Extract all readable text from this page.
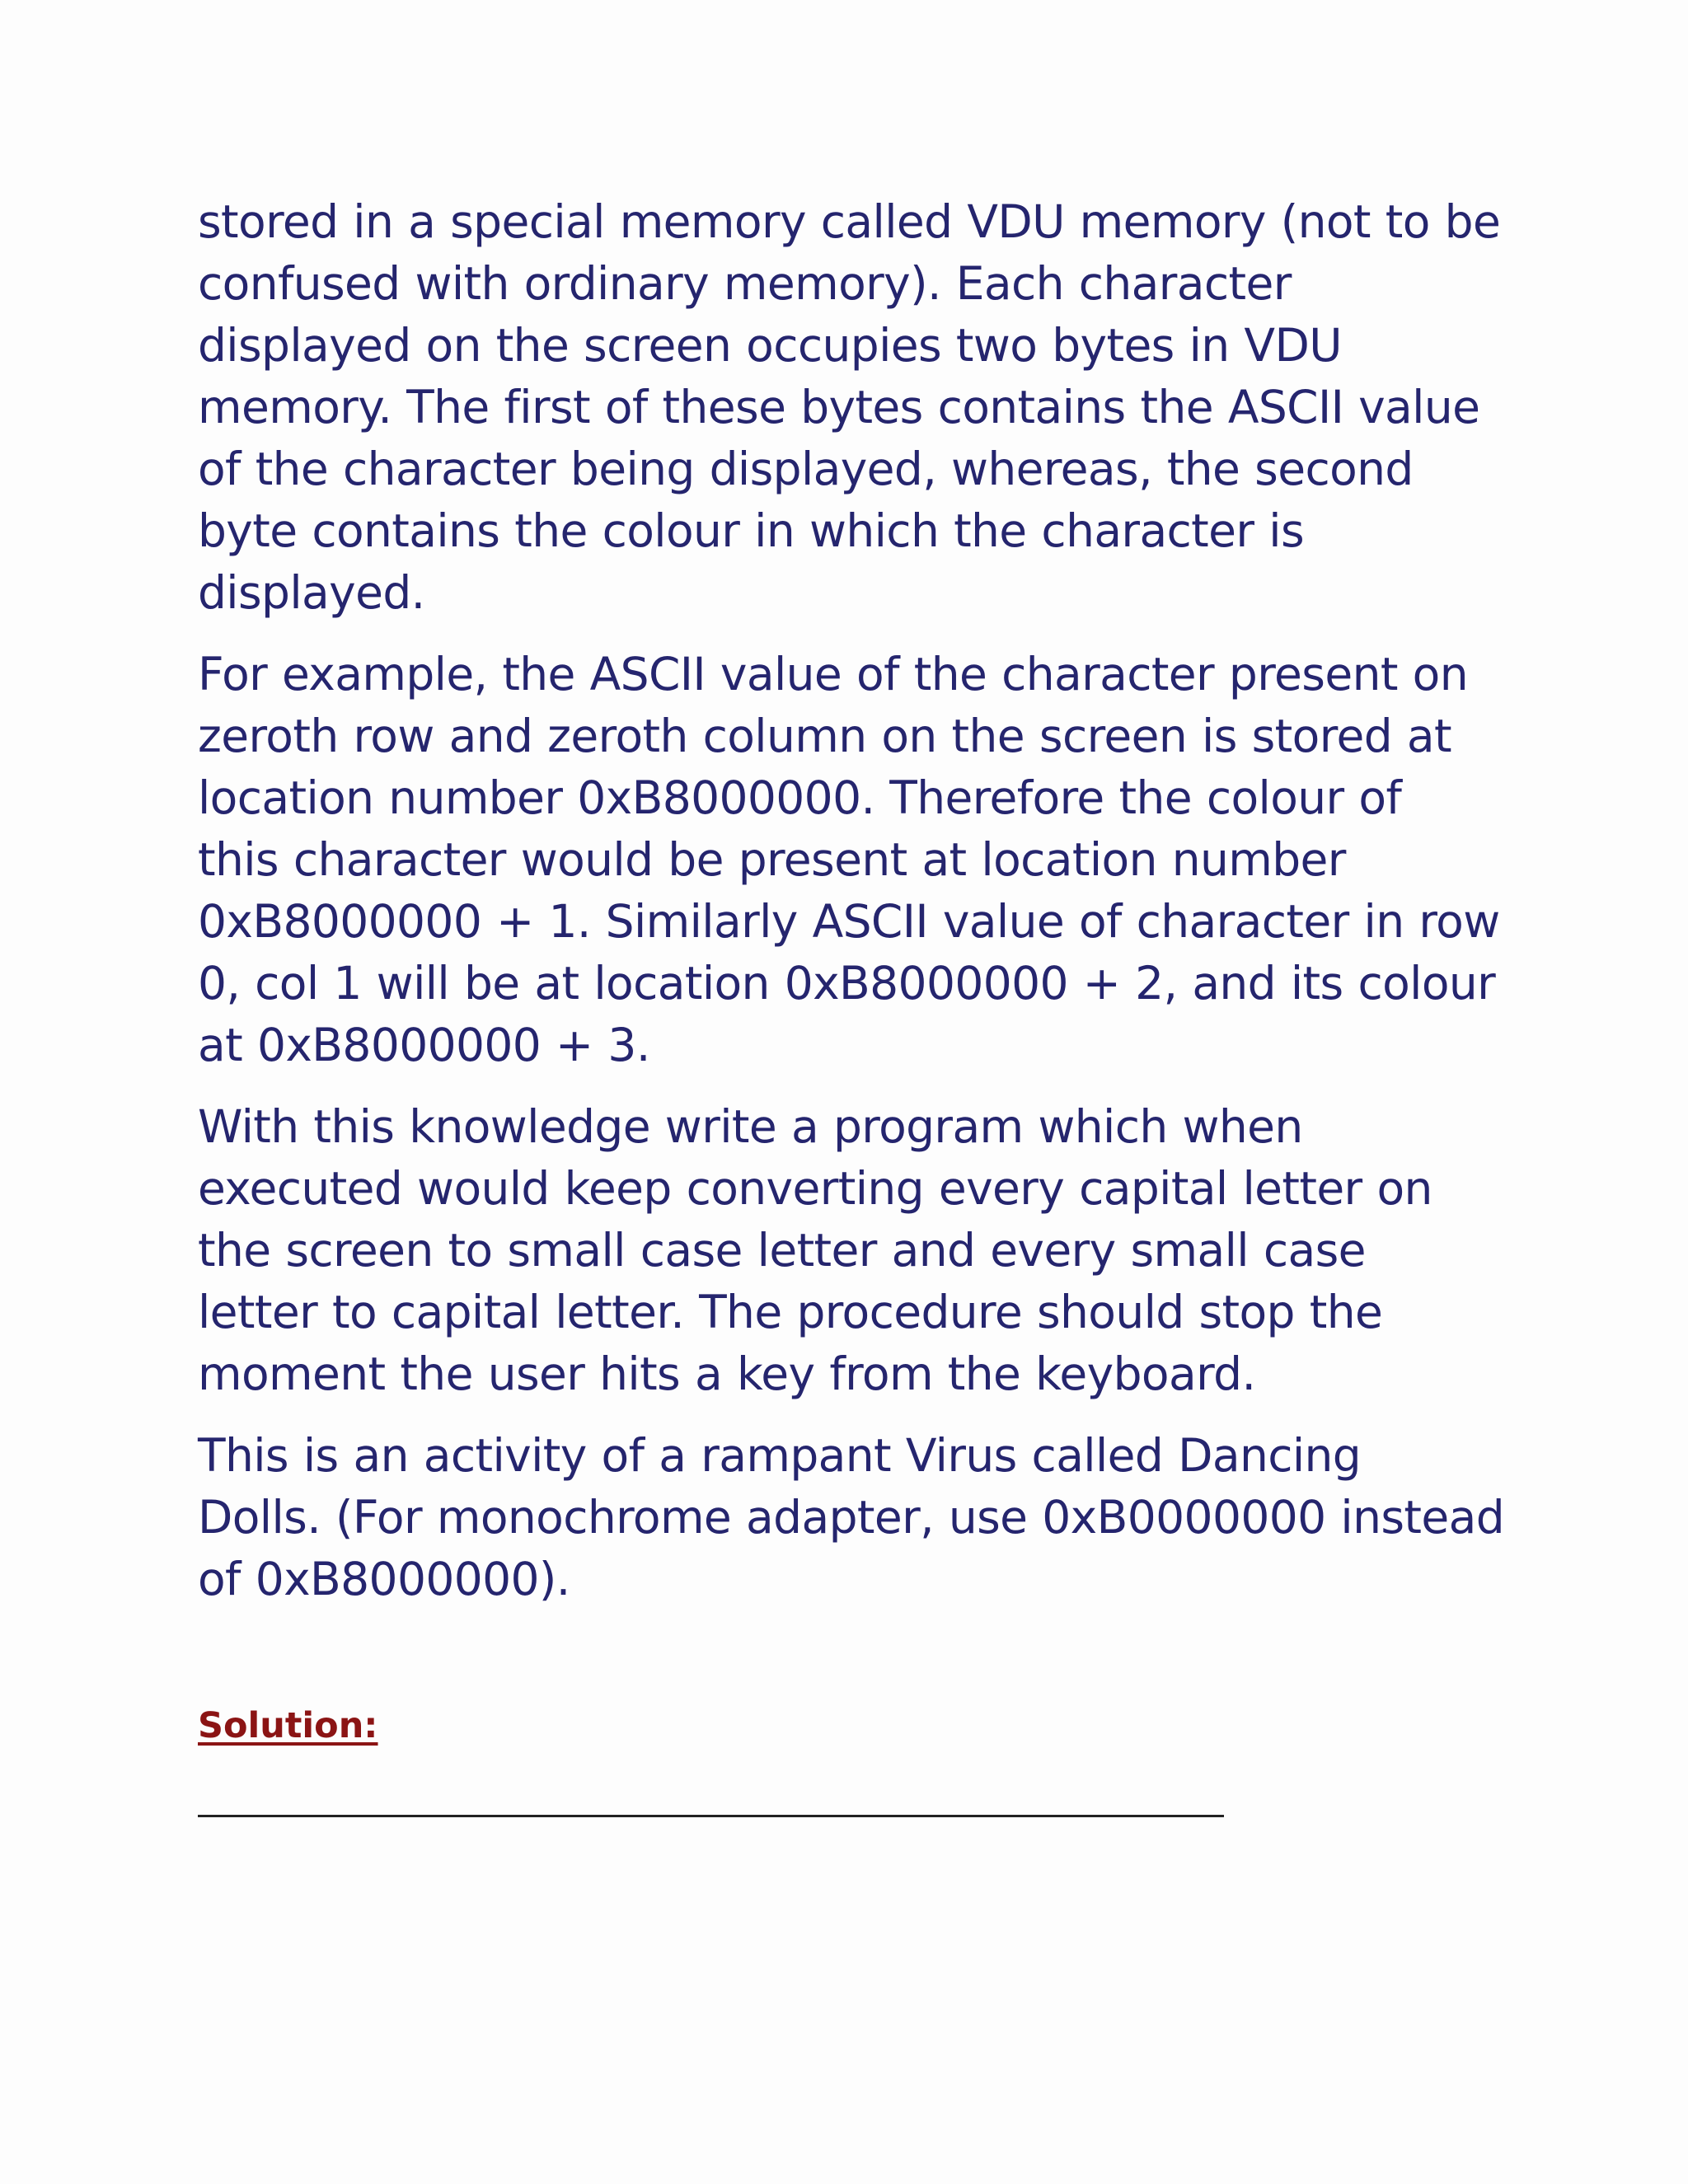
stored in a special memory called VDU memory (not to be
confused with ordinary memory). Each character
displayed on the screen occupies two bytes in VDU
memory. The first of these bytes contains the ASCII value
of the character being displayed, whereas, the second
byte contains the colour in which the character is
displayed.

For example, the ASCII value of the character present on
zeroth row and zeroth column on the screen is stored at
location number 0xB8000000. Therefore the colour of
this character would be present at location number
0xB8000000 + 1. Similarly ASCII value of character in row
0, col 1 will be at location 0xB8000000 + 2, and its colour
at 0xB8000000 + 3.

With this knowledge write a program which when
executed would keep converting every capital letter on
the screen to small case letter and every small case
letter to capital letter. The procedure should stop the
moment the user hits a key from the keyboard.

This is an activity of a rampant Virus called Dancing
Dolls. (For monochrome adapter, use 0xB0000000 instead
of 0xB8000000).

Solution:
